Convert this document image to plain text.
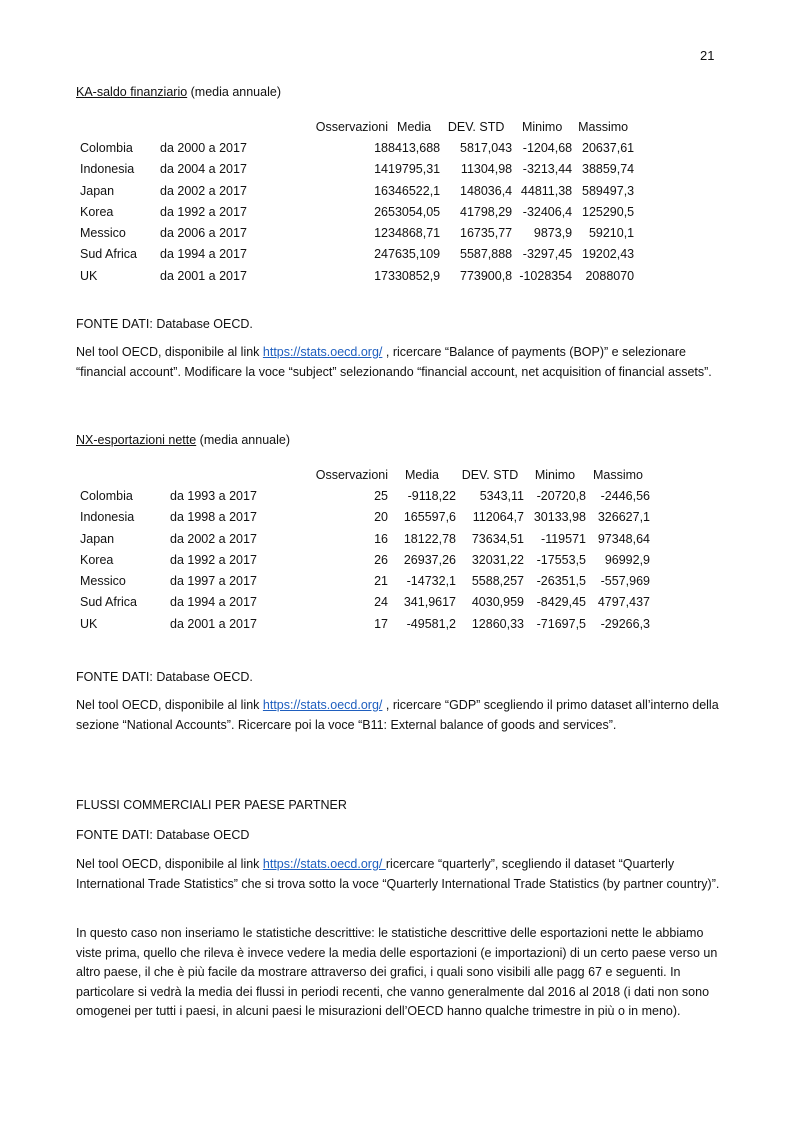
21
KA-saldo finanziario (media annuale)
		Osservazioni	Media	DEV. STD	Minimo	Massimo
Colombia	da 2000 a 2017	18	8413,688	5817,043	-1204,68	20637,61
Indonesia	da 2004 a 2017	14	19795,31	11304,98	-3213,44	38859,74
Japan	da 2002 a 2017	16	346522,1	148036,4	44811,38	589497,3
Korea	da 1992 a 2017	26	53054,05	41798,29	-32406,4	125290,5
Messico	da 2006 a 2017	12	34868,71	16735,77	9873,9	59210,1
Sud Africa	da 1994 a 2017	24	7635,109	5587,888	-3297,45	19202,43
UK	da 2001 a 2017	17	330852,9	773900,8	-1028354	2088070
FONTE DATI: Database OECD.

Nel tool OECD, disponibile al link https://stats.oecd.org/ , ricercare “Balance of payments (BOP)” e selezionare “financial account”. Modificare la voce “subject” selezionando “financial account, net acquisition of financial assets”.

NX-esportazioni nette (media annuale)
		Osservazioni	Media	DEV. STD	Minimo	Massimo
Colombia	da 1993 a 2017	25	-9118,22	5343,11	-20720,8	-2446,56
Indonesia	da 1998 a 2017	20	165597,6	112064,7	30133,98	326627,1
Japan	da 2002 a 2017	16	18122,78	73634,51	-119571	97348,64
Korea	da 1992 a 2017	26	26937,26	32031,22	-17553,5	96992,9
Messico	da 1997 a 2017	21	-14732,1	5588,257	-26351,5	-557,969
Sud Africa	da 1994 a 2017	24	341,9617	4030,959	-8429,45	4797,437
UK	da 2001 a 2017	17	-49581,2	12860,33	-71697,5	-29266,3
FONTE DATI: Database OECD.

Nel tool OECD, disponibile al link https://stats.oecd.org/ , ricercare “GDP” scegliendo il primo dataset all’interno della sezione “National Accounts”. Ricercare poi la voce “B11: External balance of goods and services”.

FLUSSI COMMERCIALI PER PAESE PARTNER
FONTE DATI: Database OECD

Nel tool OECD, disponibile al link https://stats.oecd.org/ ricercare “quarterly”, scegliendo il dataset “Quarterly International Trade Statistics” che si trova sotto la voce “Quarterly International Trade Statistics (by partner country)”.

In questo caso non inseriamo le statistiche descrittive: le statistiche descrittive delle esportazioni nette le abbiamo viste prima, quello che rileva è invece vedere la media delle esportazioni (e importazioni) di un certo paese verso un altro paese, il che è più facile da mostrare attraverso dei grafici, i quali sono visibili alle pagg 67 e seguenti. In particolare si vedrà la media dei flussi in periodi recenti, che vanno generalmente dal 2016 al 2018 (i dati non sono omogenei per tutti i paesi, in alcuni paesi le misurazioni dell’OECD hanno qualche trimestre in più o in meno).
